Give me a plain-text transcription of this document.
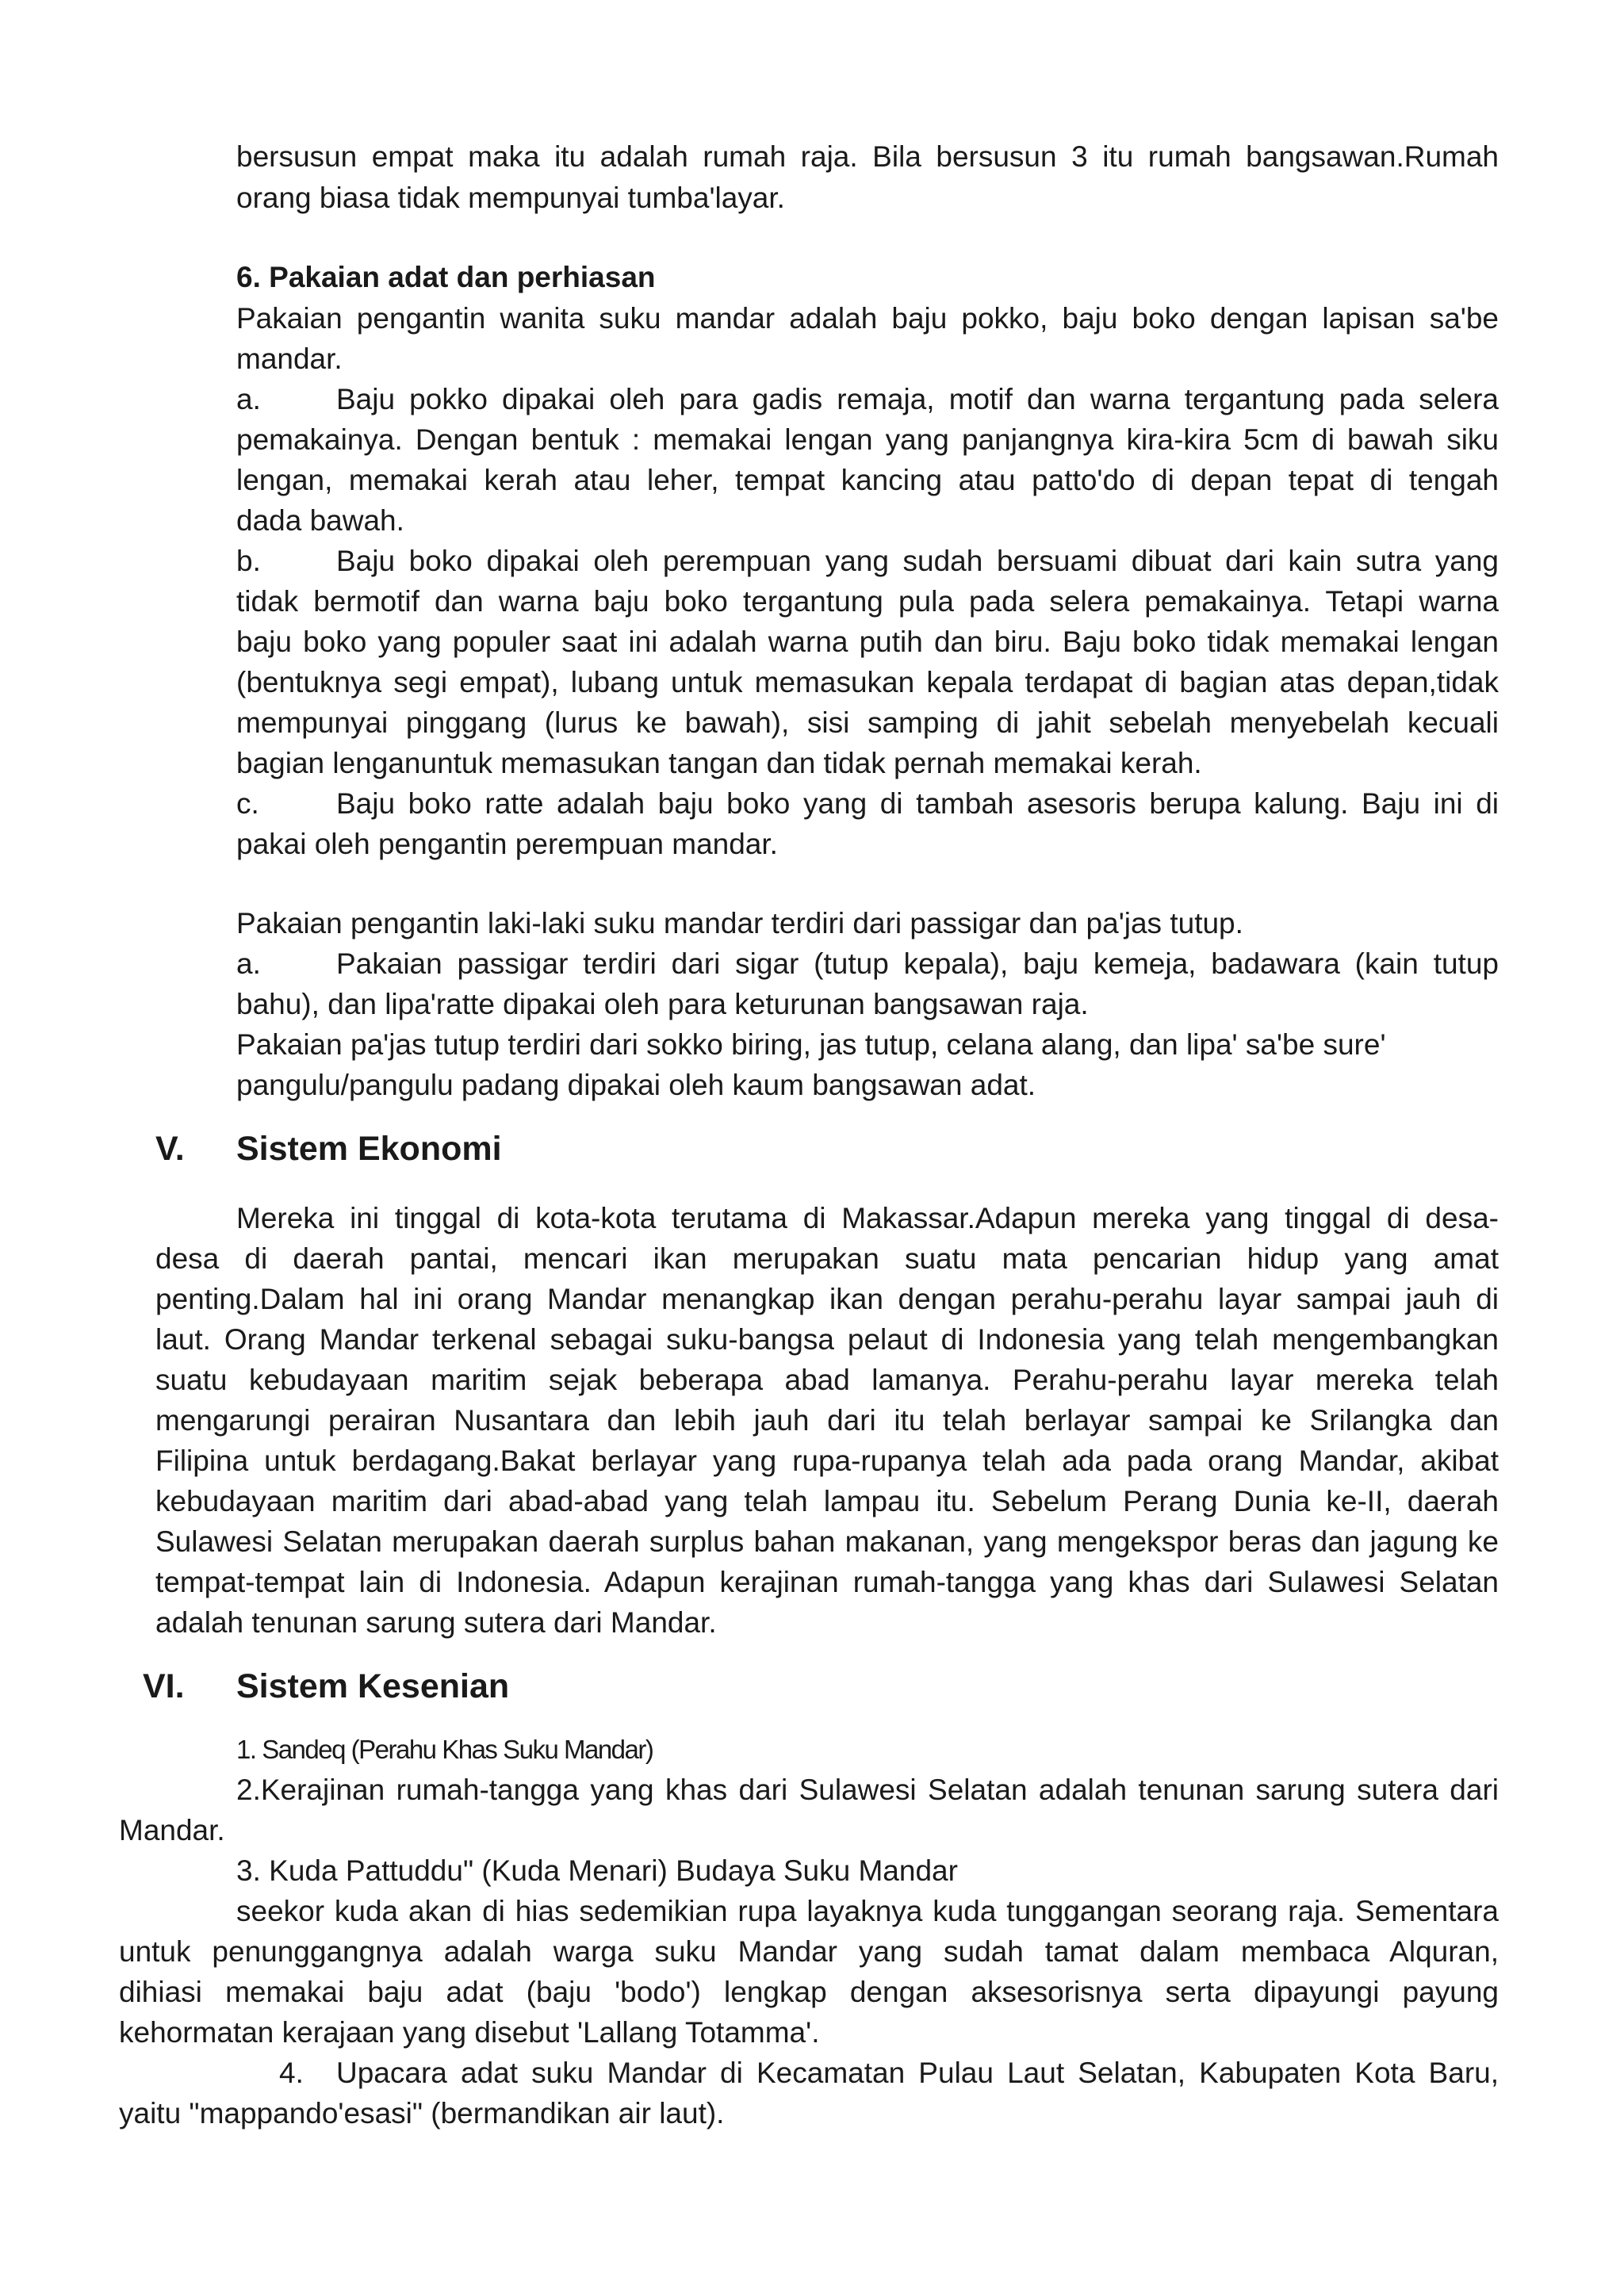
bersusun empat maka itu adalah rumah raja. Bila bersusun 3 itu rumah bangsawan.Rumah

orang biasa tidak mempunyai tumba'layar.

6. Pakaian adat dan perhiasan

Pakaian pengantin wanita suku mandar adalah baju pokko, baju boko dengan lapisan sa'be

mandar.

a.	Baju pokko dipakai oleh para gadis remaja, motif dan warna tergantung pada selera

pemakainya. Dengan bentuk : memakai lengan yang panjangnya kira-kira 5cm di bawah siku

lengan, memakai kerah atau leher, tempat kancing atau patto'do di depan tepat di tengah

dada bawah.

b.	Baju boko dipakai oleh perempuan yang sudah bersuami dibuat dari kain sutra yang

tidak bermotif dan warna baju boko tergantung pula pada selera pemakainya. Tetapi warna

baju boko yang populer saat ini adalah warna putih dan biru. Baju boko tidak memakai lengan

(bentuknya segi empat), lubang untuk memasukan kepala terdapat di bagian atas depan,tidak

mempunyai pinggang (lurus ke bawah), sisi samping di jahit sebelah menyebelah kecuali

bagian lenganuntuk memasukan tangan dan tidak pernah memakai kerah.

c.	Baju boko ratte adalah baju boko yang di tambah asesoris berupa kalung. Baju ini di

pakai oleh pengantin perempuan mandar.

Pakaian pengantin laki-laki suku mandar terdiri dari passigar dan pa'jas tutup.

a.	Pakaian passigar terdiri dari sigar (tutup kepala), baju kemeja, badawara (kain tutup

bahu), dan lipa'ratte dipakai oleh para keturunan bangsawan raja.

Pakaian pa'jas tutup terdiri dari sokko biring, jas tutup, celana alang, dan lipa' sa'be sure'

pangulu/pangulu padang dipakai oleh kaum bangsawan adat.

V. Sistem Ekonomi

Mereka ini tinggal di kota-kota terutama di Makassar.Adapun mereka yang tinggal di desa-

desa di daerah pantai, mencari ikan merupakan suatu mata pencarian hidup yang amat

penting.Dalam hal ini orang Mandar menangkap ikan dengan perahu-perahu layar sampai jauh di

laut. Orang Mandar terkenal sebagai suku-bangsa pelaut di Indonesia yang telah mengembangkan

suatu kebudayaan maritim sejak beberapa abad lamanya. Perahu-perahu layar mereka telah

mengarungi perairan Nusantara dan lebih jauh dari itu telah berlayar sampai ke Srilangka dan

Filipina untuk berdagang.Bakat berlayar yang rupa-rupanya telah ada pada orang Mandar, akibat

kebudayaan maritim dari abad-abad yang telah lampau itu. Sebelum Perang Dunia ke-II, daerah

Sulawesi Selatan merupakan daerah surplus bahan makanan, yang mengekspor beras dan jagung ke

tempat-tempat lain di Indonesia. Adapun kerajinan rumah-tangga yang khas dari Sulawesi Selatan

adalah tenunan sarung sutera dari Mandar.

VI. Sistem Kesenian

1. Sandeq (Perahu Khas Suku Mandar)

2.Kerajinan rumah-tangga yang khas dari Sulawesi Selatan adalah tenunan sarung sutera dari

Mandar.

3. Kuda Pattuddu" (Kuda Menari) Budaya Suku Mandar

seekor kuda akan di hias sedemikian rupa layaknya kuda tunggangan seorang raja. Sementara

untuk penunggangnya adalah warga suku Mandar yang sudah tamat dalam membaca Alquran,

dihiasi memakai baju adat (baju 'bodo') lengkap dengan aksesorisnya serta dipayungi payung

kehormatan kerajaan yang disebut 'Lallang Totamma'.

4. Upacara adat suku Mandar di Kecamatan Pulau Laut Selatan, Kabupaten Kota Baru,

yaitu "mappando'esasi" (bermandikan air laut).
